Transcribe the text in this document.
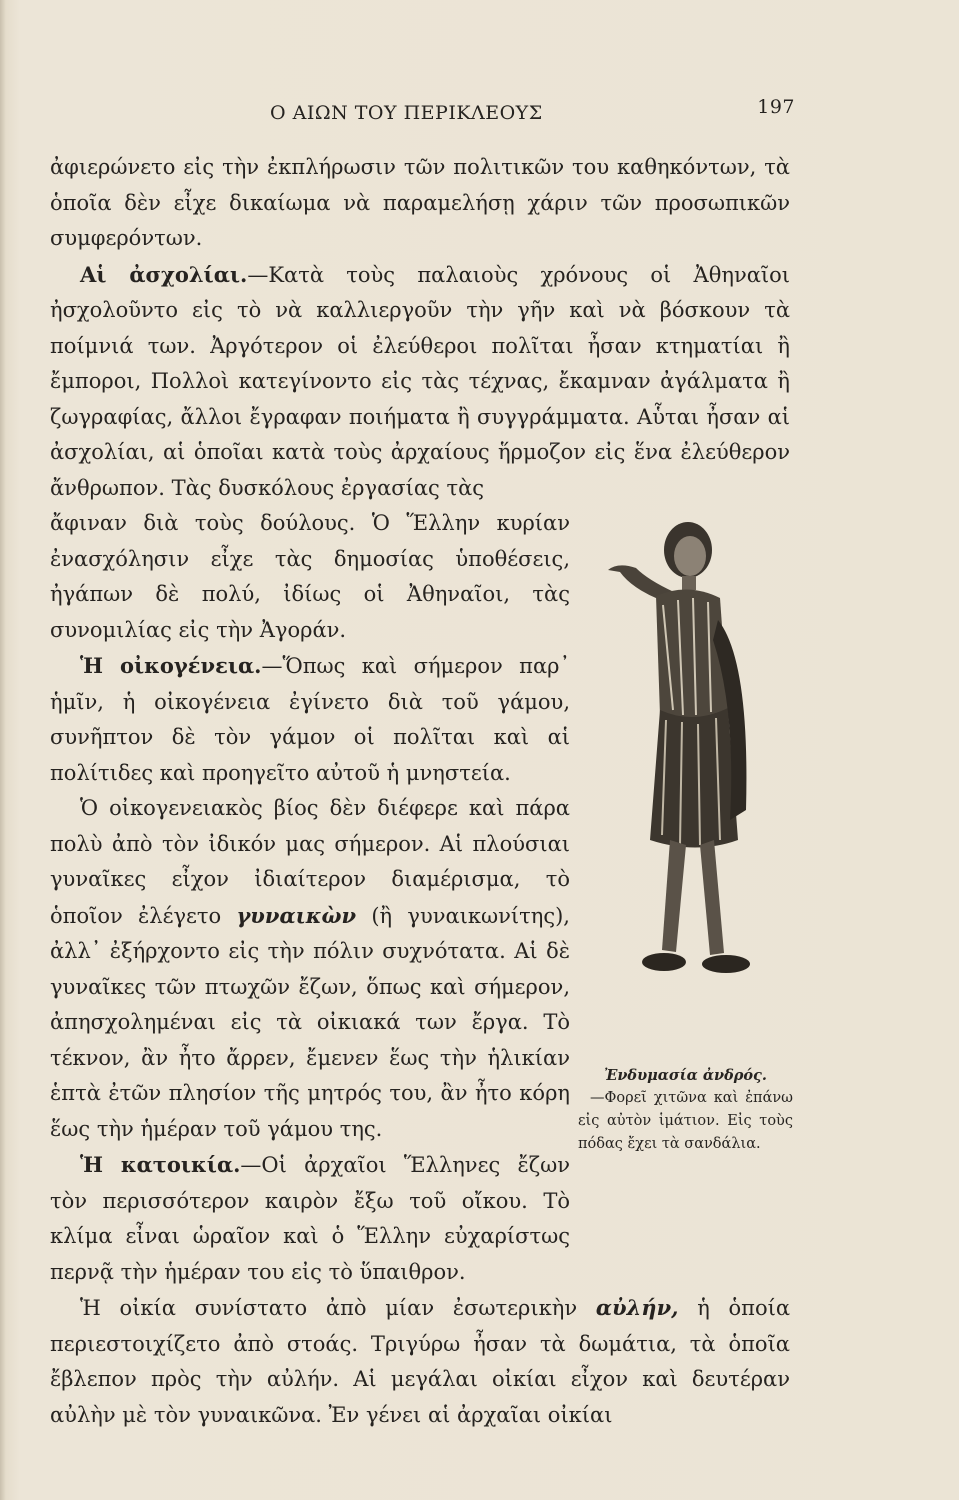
Ο ΑΙΩΝ ΤΟΥ ΠΕΡΙΚΛΕΟΥΣ	197

ἀφιερώνετο εἰς τὴν ἐκπλήρωσιν τῶν πολιτικῶν του καθηκόντων, τὰ ὁποῖα δὲν εἶχε δικαίωμα νὰ παραμελήσῃ χάριν τῶν προσωπικῶν συμφερόντων.

Αἱ ἀσχολίαι.—Κατὰ τοὺς παλαιοὺς χρόνους οἱ Ἀθηναῖοι ἠσχολοῦντο εἰς τὸ νὰ καλλιεργοῦν τὴν γῆν καὶ νὰ βόσκουν τὰ ποίμνιά των. Ἀργότερον οἱ ἐλεύθεροι πολῖται ἦσαν κτηματίαι ἢ ἔμποροι, Πολλοὶ κατεγίνοντο εἰς τὰς τέχνας, ἔκαμναν ἀγάλματα ἢ ζωγραφίας, ἄλλοι ἔγραφαν ποιήματα ἢ συγγράμματα. Αὗται ἦσαν αἱ ἀσχολίαι, αἱ ὁποῖαι κατὰ τοὺς ἀρχαίους ἥρμοζον εἰς ἕνα ἐλεύθερον ἄνθρωπον. Τὰς δυσκόλους ἐργασίας τὰς

ἄφιναν διὰ τοὺς δούλους. Ὁ Ἕλλην κυρίαν ἐνασχόλησιν εἶχε τὰς δημοσίας ὑποθέσεις, ἠγάπων δὲ πολύ, ἰδίως οἱ Ἀθηναῖοι, τὰς συνομιλίας εἰς τὴν Ἀγοράν.

Ἡ οἰκογένεια.—Ὅπως καὶ σήμερον παρ᾽ ἡμῖν, ἡ οἰκογένεια ἐγίνετο διὰ τοῦ γάμου, συνῆπτον δὲ τὸν γάμον οἱ πολῖται καὶ αἱ πολίτιδες καὶ προηγεῖτο αὐτοῦ ἡ μνηστεία.

Ὁ οἰκογενειακὸς βίος δὲν διέφερε καὶ πάρα πολὺ ἀπὸ τὸν ἰδικόν μας σήμερον. Αἱ πλούσιαι γυναῖκες εἶχον ἰδιαίτερον διαμέρισμα, τὸ ὁποῖον ἐλέγετο γυναικὼν (ἢ γυναικωνίτης), ἀλλ᾽ ἐξήρχοντο εἰς τὴν πόλιν συχνότατα. Αἱ δὲ γυναῖκες τῶν πτωχῶν ἔζων, ὅπως καὶ σήμερον, ἀπησχολημέναι εἰς τὰ οἰκιακά των ἔργα. Τὸ τέκνον, ἂν ἦτο ἄρρεν, ἔμενεν ἕως τὴν ἡλικίαν ἑπτὰ ἐτῶν πλησίον τῆς μητρός του, ἂν ἦτο κόρη ἕως τὴν ἡμέραν τοῦ γάμου της.

Ἡ κατοικία.—Οἱ ἀρχαῖοι Ἕλληνες ἔζων τὸν περισσότερον καιρὸν ἔξω τοῦ οἴκου. Τὸ κλίμα εἶναι ὡραῖον καὶ ὁ Ἕλλην εὐχαρίστως περνᾷ τὴν ἡμέραν του εἰς τὸ ὕπαιθρον.

Ἡ οἰκία συνίστατο ἀπὸ μίαν ἐσωτερικὴν αὐλήν, ἡ ὁποία περιεστοιχίζετο ἀπὸ στοάς. Τριγύρω ἦσαν τὰ δωμάτια, τὰ ὁποῖα ἔβλεπον πρὸς τὴν αὐλήν. Αἱ μεγάλαι οἰκίαι εἶχον καὶ δευτέραν αὐλὴν μὲ τὸν γυναικῶνα. Ἐν γένει αἱ ἀρχαῖαι οἰκίαι

Ἐνδυμασία ἀνδρός.
—Φορεῖ χιτῶνα καὶ ἐπάνω εἰς αὐτὸν ἱμάτιον. Εἰς τοὺς πόδας ἔχει τὰ σανδάλια.
